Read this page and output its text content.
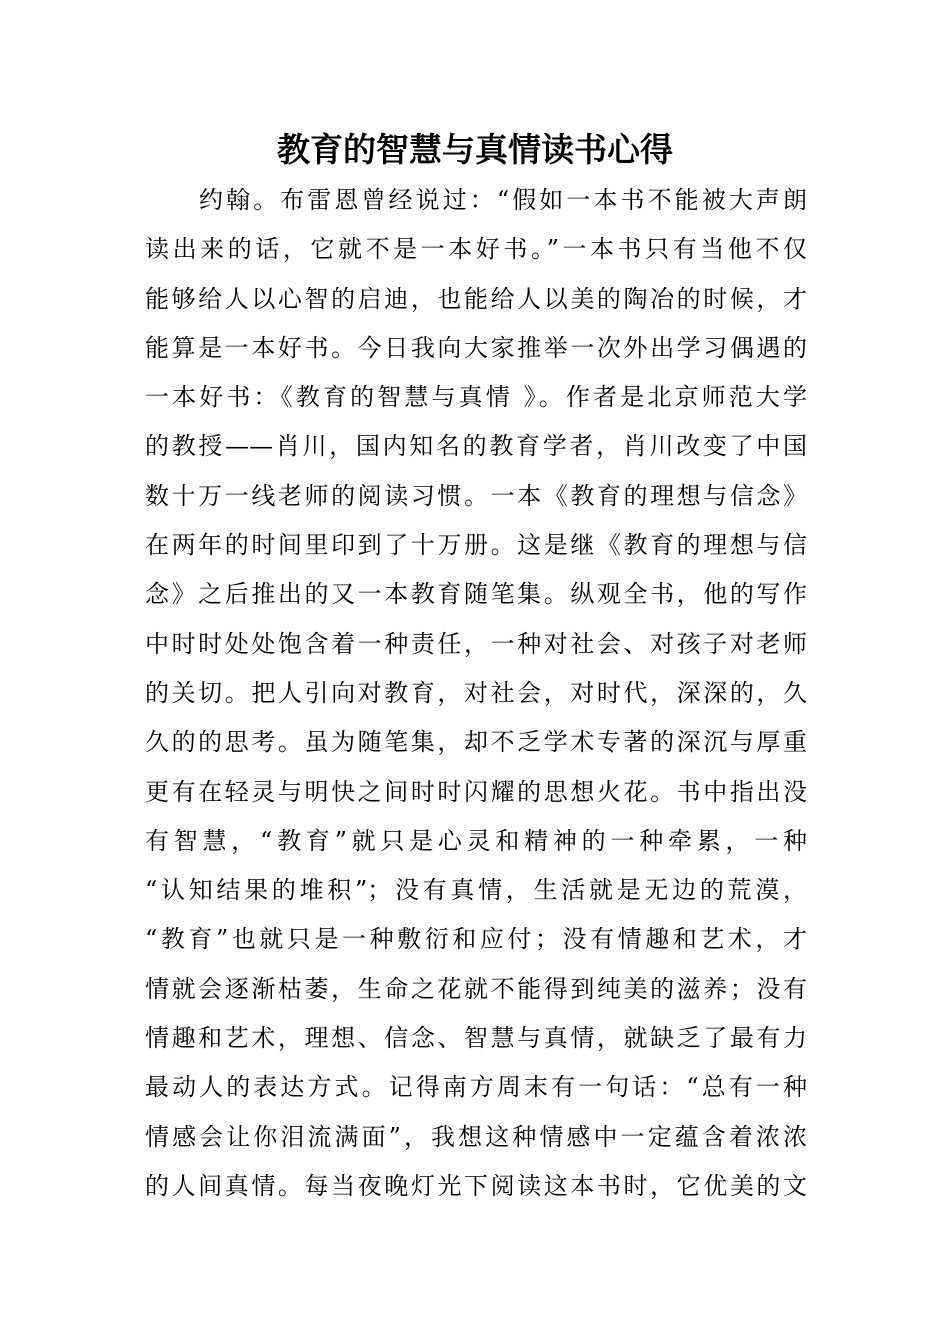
教育的智慧与真情读书心得
约翰。布雷恩曾经说过：“假如一本书不能被大声朗
读出来的话，它就不是一本好书。”一本书只有当他不仅
能够给人以心智的启迪，也能给人以美的陶冶的时候，才
能算是一本好书。今日我向大家推举一次外出学习偶遇的
一本好书：《教育的智慧与真情 》。作者是北京师范大学
的教授——肖川，国内知名的教育学者，肖川改变了中国
数十万一线老师的阅读习惯。一本《教育的理想与信念》
在两年的时间里印到了十万册。这是继《教育的理想与信
念》之后推出的又一本教育随笔集。纵观全书，他的写作
中时时处处饱含着一种责任，一种对社会、对孩子对老师
的关切。把人引向对教育，对社会，对时代，深深的，久
久的的思考。虽为随笔集，却不乏学术专著的深沉与厚重
更有在轻灵与明快之间时时闪耀的思想火花。书中指出没
有智慧，“教育”就只是心灵和精神的一种牵累，一种
“认知结果的堆积”；没有真情，生活就是无边的荒漠，
“教育”也就只是一种敷衍和应付；没有情趣和艺术，才
情就会逐渐枯萎，生命之花就不能得到纯美的滋养；没有
情趣和艺术，理想、信念、智慧与真情，就缺乏了最有力
最动人的表达方式。记得南方周末有一句话：“总有一种
情感会让你泪流满面”，我想这种情感中一定蕴含着浓浓
的人间真情。每当夜晚灯光下阅读这本书时，它优美的文
